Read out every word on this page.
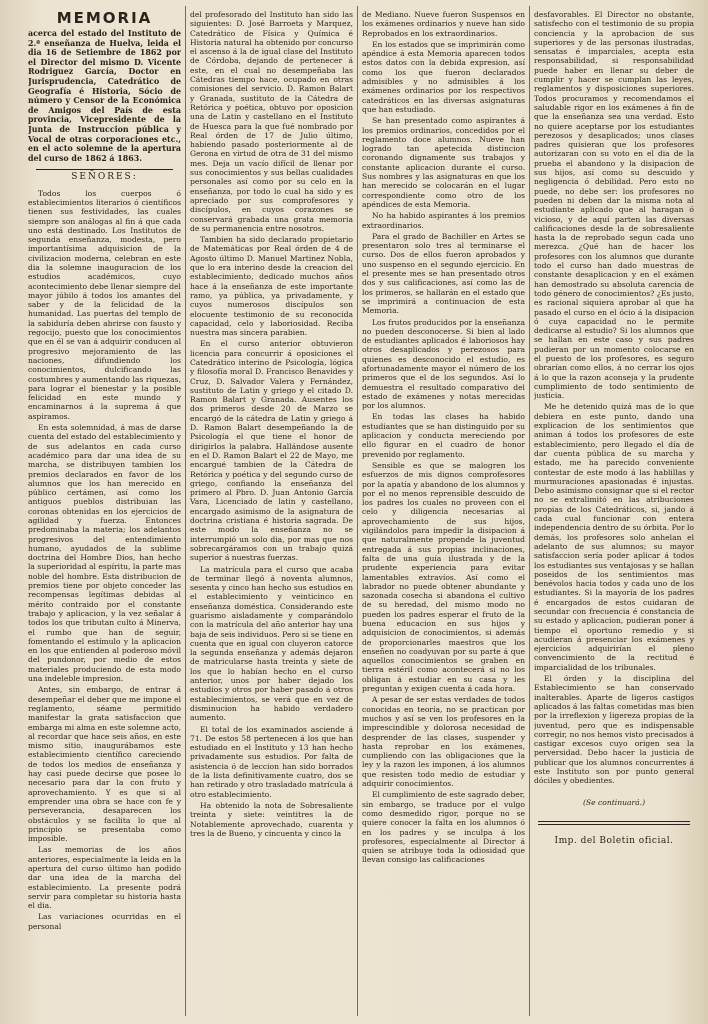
MEMORIA

acerca del estado del Instituto de 2.ª enseñanza de Huelva, leida el dia 16 de Setiembre de 1862 por el Director del mismo D. Vicente Rodriguez García, Doctor en Jurisprudencia, Catedrático de Geografía é Historia, Sócio de número y Censor de la Económica de Amigos del País de esta provincia, Vicepresidente de la Junta de Instruccion pública y Vocal de otras corporaciones etc., en el acto solemne de la apertura del curso de 1862 á 1863.

SEÑORES:

Todos los cuerpos ó establecimientos literarios ó científicos tienen sus festividades, las cuales siempre son análogas al fin á que cada uno está destinado. Los Institutos de segunda enseñanza, modesta, pero importantísima adquisicion de la civilizacion moderna, celebran en este dia la solemne inauguracion de los estudios académicos, cuyo acontecimiento debe llenar siempre del mayor júbilo á todos los amantes del saber y de la felicidad de la humanidad. Las puertas del templo de la sabiduría deben abrirse con fausto y regocijo, puesto que los conocimientos que en él se van á adquirir conducen al progresivo mejoramiento de las naciones, difundiendo los conocimientos, dulcificando las costumbres y aumentando las riquezas, para lograr el bienestar y la posible felicidad en este mundo y encaminarnos á la suprema á que aspiramos.

En esta solemnidad, á mas de darse cuenta del estado del establecimiento y de sus adelantos en cada curso académico para dar una idea de su marcha, se distribuyen tambien los premios declarados en favor de los alumnos que los han merecido en público certámen, así como los antiguos pueblos distribuian las coronas obtenidas en los ejercicios de agilidad y fuerza. Entonces predominaba la materia; los adelantos progresivos del entendimiento humano, ayudados de la sublime doctrina del Hombre Dios, han hecho la superioridad al espíritu, la parte mas noble del hombre. Esta distribucion de premios tiene por objeto conceder las recompensas legítimas debidas al mérito contraido por el constante trabajo y aplicacion, y la vez señalar á todos los que tributan culto á Minerva, el rumbo que han de seguir, fomentando el estímulo y la aplicacion en los que entienden al poderoso móvil del pundonor, por medio de estos materiales produciendo de esta modo una indeleble impresion.

Antes, sin embargo, de entrar á desempeñar el deber que me impone el reglamento, séame permitido manifestar la grata satisfaccion que embarga mi alma en este solemne acto, al recordar que hace seis años, en este mismo sitio, inaugurábamos este establecimiento científico careciendo de todos los medios de enseñanza y hay casi puede decirse que posee lo necesario para dar la con fruto y aprovechamiento. Y es que si al emprender una obra se hace con fe y perseverancia, desaparecen los obstáculos y se facilita lo que al principio se presentaba como imposible.

Las memorias de los años anteriores, especialmente la leida en la apertura del curso último han podido dar una idea de la marcha del establecimiento. La presente podrá servir para completar su historia hasta el dia.

Las variaciones ocurridas en el personal

del profesorado del Instituto han sido las siguientes: D. José Barroeta y Marquez, Catedrático de Física y Química é Historia natural ha obtenido por concurso el ascenso á la de igual clase del Instituto de Córdoba, dejando de pertenecer á este, en el cual no desempeñaba las Cátedras tiempo hace, ocupado en otras comisiones del servicio. D. Ramon Balart y Granada, sustituto de la Cátedra de Retórica y poética, obtuvo por oposicion una de Latin y castellano en el Instituto de Huesca para la que fué nombrado por Real órden de 17 de Julio último, habiendo pasado posteriormente al de Gerona en virtud de otra de 31 del mismo mes. Deja un vacío difícil de llenar por sus conocimientos y sus bellas cualidades personales así como por su celo en la enseñanza, por todo lo cual ha sido y es apreciado por sus comprofesores y discípulos, en cuyos corazones se conservará grabada una grata memoria de su permanencia entre nosotros.

Tambien ha sido declarado propietario de Matemáticas por Real órden de 4 de Agosto último D. Manuel Martinez Nobla, que lo era interino desde la creacion del establecimiento, dedicado muchos años hace á la enseñanza de este importante ramo, ya pública, ya privadamente, y cuyos numerosos discípulos son elocuente testimonio de su reconocida capacidad, celo y laboriosidad. Reciba nuestra mas sincera parabien.

En el curso anterior obtuvieron licencia para concurrir á oposiciones el Catedrático interino de Psicología, lógica y filosofía moral D. Francisco Benavides y Cruz, D. Salvador Valera y Fernández, sustituto de Latin y griego y el citado D. Ramon Balart y Granada. Ausentes los dos primeros desde 20 de Marzo se encargó de la cátedra de Latin y griego á D. Ramon Balart desempeñando la de Psicología el que tiene el honor de dirigirlos la palabra. Hallándose ausente en el D. Ramon Balart el 22 de Mayo, me encargué tambien de la Cátedra de Retórica y poética y del segundo curso de griego, confiando la enseñanza del primero al Pbro. D. Juan Antonio García Vara, Licenciado de latin y castellano, encargado asimismo de la asignatura de doctrina cristiana é historia sagrada. De este modo la enseñanza no se interrumpió un solo dia, por mas que nos sobrecargáramos con un trabajo quizá superior á nuestras fuerzas.

La matrícula para el curso que acaba de terminar llegó á noventa alumnos, sesenta y cinco han hecho sus estudios en el establecimiento y veinticinco en enseñanza doméstica. Considerando este guarismo aisladamente y comparándolo con la matrícula del año anterior hay una baja de seis individuos. Pero si se tiene en cuenta que en igual con cluyeron catorce la segunda enseñanza y además dejaron de matricularse hasta treinta y siete de los que lo habían hecho en el curso anterior, unos por haber dejado los estudios y otros por haber pasado á otros establecimientos, se verá que en vez de disminucion ha habido verdadero aumento.

El total de los examinados asciende á 71. De estos 58 pertenecen á los que han estudiado en el Instituto y 13 han hecho privadamente sus estudios. Por falta de asistencia ó de leccion han sido borrados de la lista definitivamente cuatro, dos se han retirado y otro trasladado matrícula á otro establecimiento.

Ha obtenido la nota de Sobresaliente treinta y siete: veintitres la de Notablemente aprovechado, cuarenta y tres la de Bueno, y cincuenta y cinco la

de Mediano. Nueve fueron Suspensos en los exámenes ordinarios y nueve han sido Reprobados en los extraordinarios.

En los estados que se imprimirán como apéndice á esta Memoria aparecen todos estos datos con la debida expresion, así como los que fueron declarados admisibles y no admisibles á los exámenes ordinarios por los respectivos catedráticos en las diversas asignaturas que han estudiado.

Se han presentado como aspirantes á los premios ordinarios, concedidos por el reglamento doce alumnos. Nueve han logrado tan apetecida distincion coronando dignamente sus trabajos y constante aplicacion durante el curso. Sus nombres y las asignaturas en que los han merecido se colocarán en el lugar correspondiente como otro de los apéndices de esta Memoria.

No ha habido aspirantes á los premios extraordinarios.

Para el grado de Bachiller en Artes se presentaron solo tres al terminarse el curso. Dos de ellos fueron aprobados y uno suspenso en el segundo ejercicio. En el presente mes se han presentado otros dos y sus calificaciones, así como las de los primeros, se hallarán en el estado que se imprimirá a continuacion de esta Memoria.

Los frutos producidos por la enseñanza no pueden desconocerse. Si bien al lado de estudiantes aplicados é laboriosos hay otros desaplicados y perezosos para quienes es desconocido el estudio, es afortunadamente mayor el número de los primeros que el de los segundos. Así lo demuestra el resultado comparativo del estado de exámenes y notas merecidas por los alumnos.

En todas las clases ha habido estudiantes que se han distinguido por su aplicacion y conducta mereciendo por ello figurar en el cuadro de honor prevenido por reglamento.

Sensible es que se malogren los esfuerzos de mis dignos comprofesores por la apatía y abandono de los alumnos y por el no menos reprensible descuido de los padres los cuales no proveen con el celo y diligencia necesarias al aprovechamiento de sus hijos, vigilándolos para impedir la disipacion á que naturalmente propende la juventud entregada á sus propias inclinaciones, falta de una guía ilustrada y de la prudente experiencia para evitar lamentables extravíos. Así como el labrador no puede obtener abundante y sazonada cosecha si abandona el cultivo de su heredad, del mismo modo no pueden los padres esperar el fruto de la buena educacion en sus hijos y adquisicion de conocimientos, si además de proporcionarles maestros que los enseñen no coadyuvan por su parte á que aquellos conocimientos se graben en tierra estéril como acontecerá si no los obligan á estudiar en su casa y les preguntan y exigen cuenta á cada hora.

A pesar de ser estas verdades de todos conocidas en teoría, no se practican por muchos y así se ven los profesores en la imprescindible y dolorosa necesidad de desprender de las clases, suspender y hasta reprobar en los exámenes, cumpliendo con las obligaciones que la ley y la razon les imponen, á los alumnos que resisten todo medio de estudiar y adquirir conocimientos.

El cumplimiento de este sagrado deber, sin embargo, se traduce por el vulgo como desmedido rigor, porque no se quiere conocer la falta en los alumnos ó en los padres y se inculpa á los profesores, especialmente al Director á quien se atribuye toda la odiosidad que llevan consigo las calificaciones

desfavorables. El Director no obstante, satisfecho con el testimonio de su propia conciencia y la aprobacion de sus superiores y de las personas ilustradas, sensatas é imparciales, acepta esta responsabilidad, si responsabilidad puede haber en llenar su deber de cumplir y hacer se cumplan las leyes, reglamentos y disposiciones superiores. Todos procuramos y recomendamos el saludable rigor en los exámenes á fin de que la enseñanza sea una verdad. Esto no quiere aceptarse por los estudiantes perezosos y desaplicados; unos clases padres quisieran que los profesores autorizaran con su voto en el dia de la prueba el abandono y la disipacion de sus hijos, así como su descuido y negligencia ó debilidad. Pero esto no puede, no debe ser: los profesores no pueden ni deben dar la misma nota al estudiante aplicado que al haragan ó vicioso, y de aquí parten las diversas calificaciones desde la de sobresaliente hasta la de reprobado segun cada uno merezca. ¿Qué han de hacer los profesores con los alumnos que durante todo el curso han dado muestras de constante desaplicacion y en el exámen han demostrado su absoluta carencia de todo género de conocimientos? ¿Es justo, es racional siquiera aprobar al que ha pasado el curso en el ócio á la disipacion ó cuya capacidad no le permite dedicarse al estudio? Si los alumnos que se hallan en este caso y sus padres pudieran por un momento colocarse en el puesto de los profesores, es seguro obrarían como ellos, á no cerrar los ojos á lo que la razon aconseja y la prudente cumplimiento de todo sentimiento de justicia.

Me he detenido quizá mas de lo que debiera en este punto, dando una explicacion de los sentimientos que animan á todos los profesores de este establecimiento, pero llegado el día de dar cuenta pública de su marcha y estado, me ha parecido conveniente contestar de este modo á las hablillas y murmuraciones apasionadas é injustas. Debo asimismo consignar que si el rector no se extralimitó en las atribuciones propias de los Catedráticos, si, jando á cada cual funcionar con entera independencia dentro de su órbita. Por lo demás, los profesores solo anhelan el adelanto de sus alumnos; su mayor satisfaccion sería poder aplicar á todos los estudiantes sus ventajosas y se hallan poseidos de los sentimientos mas benévolos hacia todos y cada uno de los estudiantes. Si la mayoría de los padres é encargados de estos cuidaran de secundar con frecuencia é constancia de su estado y aplicacion, pudieran poner á tiempo el oportuno remedio y si acudieran á presenciar los exámenes y ejercicios adquirirían el pleno convencimiento de la rectitud é imparcialidad de los tribunales.

El órden y la disciplina del Establecimiento se han conservado inalterables. Aparte de ligeros castigos aplicados á las faltas cometidas mas bien por la irreflexion y ligereza propias de la juventud, pero que es indispensable corregir, no nos hemos visto precisados á castigar excesos cuyo origen sea la perversidad. Debo hacer la justicia de publicar que los alumnos concurrentes á este Instituto son por punto general dóciles y obedientes.

(Se continuará.)

Imp. del Boletin oficial.
